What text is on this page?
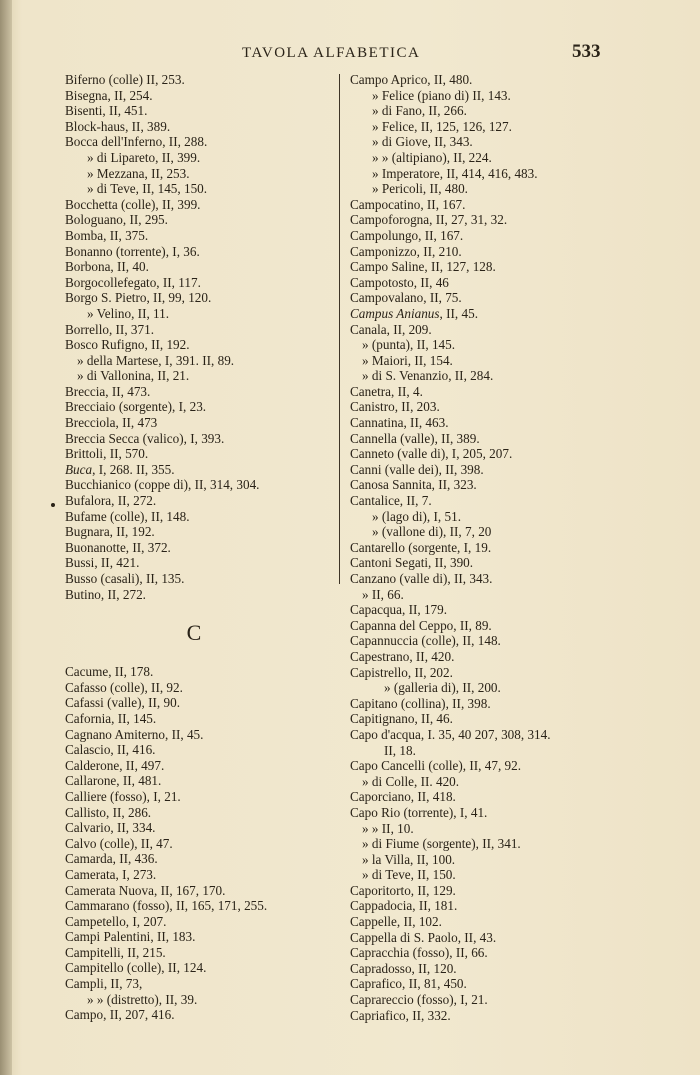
TAVOLA ALFABETICA	533
Biferno (colle) II, 253.
Bisegna, II, 254.
Bisenti, II, 451.
Block-haus, II, 389.
Bocca dell'Inferno, II, 288.
» di Lipareto, II, 399.
» Mezzana, II, 253.
» di Teve, II, 145, 150.
Bocchetta (colle), II, 399.
Bologuano, II, 295.
Bomba, II, 375.
Bonanno (torrente), I, 36.
Borbona, II, 40.
Borgocollefegato, II, 117.
Borgo S. Pietro, II, 99, 120.
» Velino, II, 11.
Borrello, II, 371.
Bosco Rufigno, II, 192.
» della Martese, I, 391. II, 89.
» di Vallonina, II, 21.
Breccia, II, 473.
Brecciaio (sorgente), I, 23.
Brecciola, II, 473
Breccia Secca (valico), I, 393.
Brittoli, II, 570.
Buca, I, 268. II, 355.
Bucchianico (coppe di), II, 314, 304.
Bufalora, II, 272.
Bufame (colle), II, 148.
Bugnara, II, 192.
Buonanotte, II, 372.
Bussi, II, 421.
Busso (casali), II, 135.
Butino, II, 272.
C
Cacume, II, 178.
Cafasso (colle), II, 92.
Cafassi (valle), II, 90.
Cafornia, II, 145.
Cagnano Amiterno, II, 45.
Calascio, II, 416.
Calderone, II, 497.
Callarone, II, 481.
Calliere (fosso), I, 21.
Callisto, II, 286.
Calvario, II, 334.
Calvo (colle), II, 47.
Camarda, II, 436.
Camerata, I, 273.
Camerata Nuova, II, 167, 170.
Cammarano (fosso), II, 165, 171, 255.
Campetello, I, 207.
Campi Palentini, II, 183.
Campitelli, II, 215.
Campitello (colle), II, 124.
Campli, II, 73,
» » (distretto), II, 39.
Campo, II, 207, 416.
Campo Aprico, II, 480.
» Felice (piano di) II, 143.
» di Fano, II, 266.
» Felice, II, 125, 126, 127.
» di Giove, II, 343.
» » (altipiano), II, 224.
» Imperatore, II, 414, 416, 483.
» Pericoli, II, 480.
Campocatino, II, 167.
Campoforogna, II, 27, 31, 32.
Campolungo, II, 167.
Camponizzo, II, 210.
Campo Saline, II, 127, 128.
Campotosto, II, 46
Campovalano, II, 75.
Campus Anianus, II, 45.
Canala, II, 209.
» (punta), II, 145.
» Maiori, II, 154.
» di S. Venanzio, II, 284.
Canetra, II, 4.
Canistro, II, 203.
Cannatina, II, 463.
Cannella (valle), II, 389.
Canneto (valle di), I, 205, 207.
Canni (valle dei), II, 398.
Canosa Sannita, II, 323.
Cantalice, II, 7.
» (lago di), I, 51.
» (vallone di), II, 7, 20
Cantarello (sorgente, I, 19.
Cantoni Segati, II, 390.
Canzano (valle di), II, 343.
» II, 66.
Capacqua, II, 179.
Capanna del Ceppo, II, 89.
Capannuccia (colle), II, 148.
Capestrano, II, 420.
Capistrello, II, 202.
» (galleria di), II, 200.
Capitano (collina), II, 398.
Capitignano, II, 46.
Capo d'acqua, I. 35, 40 207, 308, 314.
II, 18.
Capo Cancelli (colle), II, 47, 92.
» di Colle, II. 420.
Caporciano, II, 418.
Capo Rio (torrente), I, 41.
» » II, 10.
» di Fiume (sorgente), II, 341.
» la Villa, II, 100.
» di Teve, II, 150.
Caporitorto, II, 129.
Cappadocia, II, 181.
Cappelle, II, 102.
Cappella di S. Paolo, II, 43.
Capracchia (fosso), II, 66.
Capradosso, II, 120.
Caprafico, II, 81, 450.
Caprareccio (fosso), I, 21.
Capriafico, II, 332.
